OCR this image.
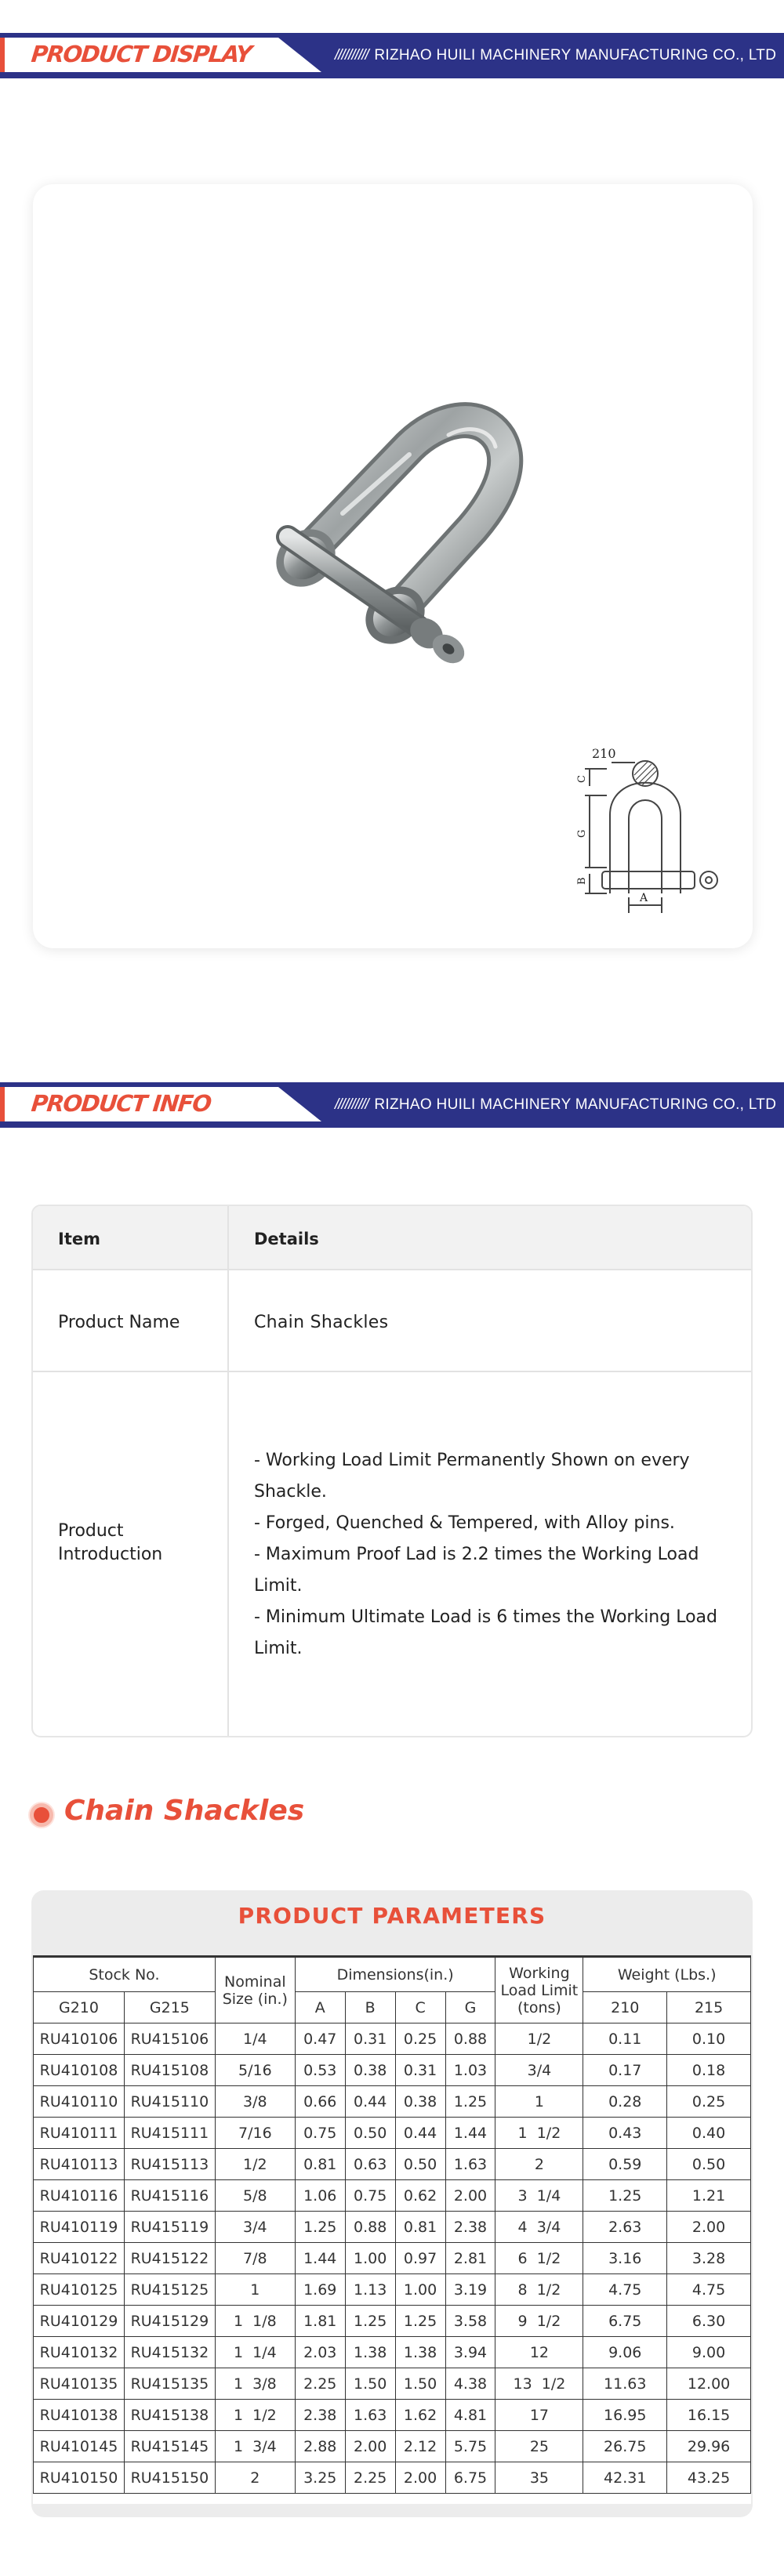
PRODUCT DISPLAY	////////// RIZHAO HUILI MACHINERY MANUFACTURING CO., LTD
210
C
G
B
A
PRODUCT INFO	////////// RIZHAO HUILI MACHINERY MANUFACTURING CO., LTD
Item	Details
Product Name	Chain Shackles
Product Introduction
- Working Load Limit Permanently Shown on every Shackle.
- Forged, Quenched & Tempered, with Alloy pins.
- Maximum Proof Lad is 2.2 times the Working Load Limit.
- Minimum Ultimate Load is 6 times the Working Load Limit.
Chain Shackles
PRODUCT PARAMETERS
Stock No.		Nominal Size (in.)	Dimensions(in.)				Working Load Limit (tons)	Weight (Lbs.)	
G210	G215		A	B	C	G		210	215
RU410106	RU415106	1/4	0.47	0.31	0.25	0.88	1/2	0.11	0.10
RU410108	RU415108	5/16	0.53	0.38	0.31	1.03	3/4	0.17	0.18
RU410110	RU415110	3/8	0.66	0.44	0.38	1.25	1	0.28	0.25
RU410111	RU415111	7/16	0.75	0.50	0.44	1.44	1  1/2	0.43	0.40
RU410113	RU415113	1/2	0.81	0.63	0.50	1.63	2	0.59	0.50
RU410116	RU415116	5/8	1.06	0.75	0.62	2.00	3  1/4	1.25	1.21
RU410119	RU415119	3/4	1.25	0.88	0.81	2.38	4  3/4	2.63	2.00
RU410122	RU415122	7/8	1.44	1.00	0.97	2.81	6  1/2	3.16	3.28
RU410125	RU415125	1	1.69	1.13	1.00	3.19	8  1/2	4.75	4.75
RU410129	RU415129	1  1/8	1.81	1.25	1.25	3.58	9  1/2	6.75	6.30
RU410132	RU415132	1  1/4	2.03	1.38	1.38	3.94	12	9.06	9.00
RU410135	RU415135	1  3/8	2.25	1.50	1.50	4.38	13  1/2	11.63	12.00
RU410138	RU415138	1  1/2	2.38	1.63	1.62	4.81	17	16.95	16.15
RU410145	RU415145	1  3/4	2.88	2.00	2.12	5.75	25	26.75	29.96
RU410150	RU415150	2	3.25	2.25	2.00	6.75	35	42.31	43.25
